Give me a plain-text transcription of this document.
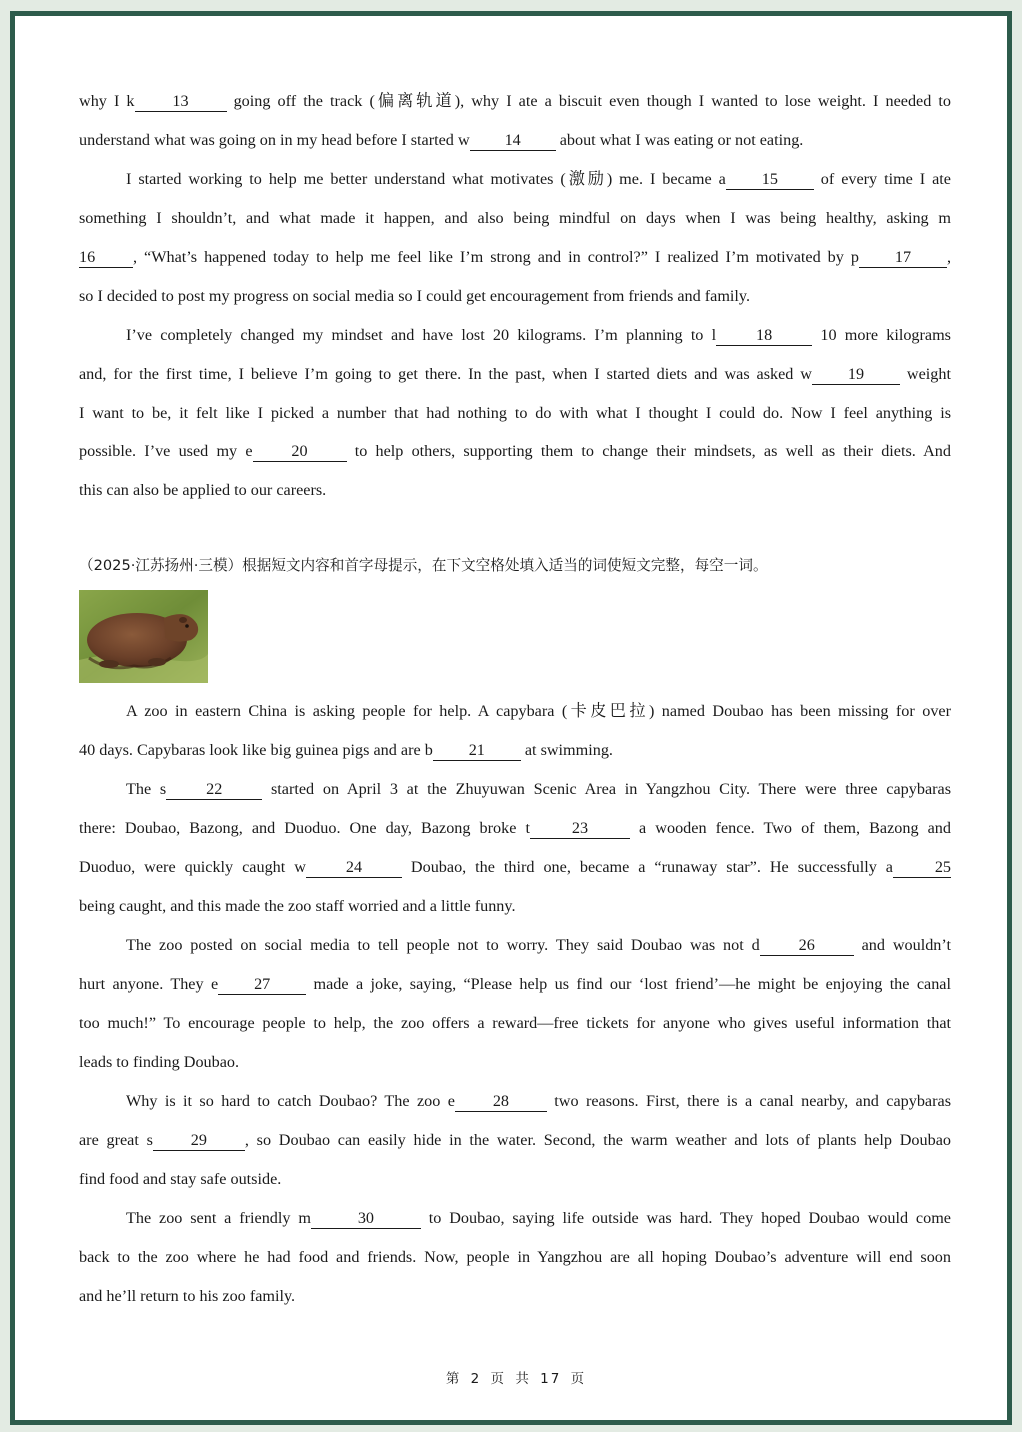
why I k 13 going off the track (偏离轨道), why I ate a biscuit even though I wanted to lose weight. I needed to
understand what was going on in my head before I started w 14 about what I was eating or not eating.
I started working to help me better understand what motivates (激励) me. I became a 15 of every time I ate
something I shouldn’t, and what made it happen, and also being mindful on days when I was being healthy, asking m
16 , “What’s happened today to help me feel like I’m strong and in control?” I realized I’m motivated by p 17 ,
so I decided to post my progress on social media so I could get encouragement from friends and family.
I’ve completely changed my mindset and have lost 20 kilograms. I’m planning to l 18 10 more kilograms
and, for the first time, I believe I’m going to get there. In the past, when I started diets and was asked w 19 weight
I want to be, it felt like I picked a number that had nothing to do with what I thought I could do. Now I feel anything is
possible. I’ve used my e 20 to help others, supporting them to change their mindsets, as well as their diets. And
this can also be applied to our careers.
（2025·江苏扬州·三模）根据短文内容和首字母提示，在下文空格处填入适当的词使短文完整，每空一词。
A zoo in eastern China is asking people for help. A capybara (卡皮巴拉) named Doubao has been missing for over
40 days. Capybaras look like big guinea pigs and are b 21 at swimming.
The s 22 started on April 3 at the Zhuyuwan Scenic Area in Yangzhou City. There were three capybaras
there: Doubao, Bazong, and Duoduo. One day, Bazong broke t	23	a wooden fence. Two of them, Bazong and
Duoduo, were quickly caught w 24 Doubao, the third one, became a “runaway star”. He successfully a	25
being caught, and this made the zoo staff worried and a little funny.
The zoo posted on social media to tell people not to worry. They said Doubao was not d 26 and wouldn’t
hurt anyone. They e 27 made a joke, saying, “Please help us find our ‘lost friend’—he might be enjoying the canal
too much!” To encourage people to help, the zoo offers a reward—free tickets for anyone who gives useful information that
leads to finding Doubao.
Why is it so hard to catch Doubao? The zoo e 28 two reasons. First, there is a canal nearby, and capybaras
are great s 29 , so Doubao can easily hide in the water. Second, the warm weather and lots of plants help Doubao
find food and stay safe outside.
The zoo sent a friendly m	30	to Doubao, saying life outside was hard. They hoped Doubao would come
back to the zoo where he had food and friends. Now, people in Yangzhou are all hoping Doubao’s adventure will end soon
and he’ll return to his zoo family.
第 2 页 共 17 页
